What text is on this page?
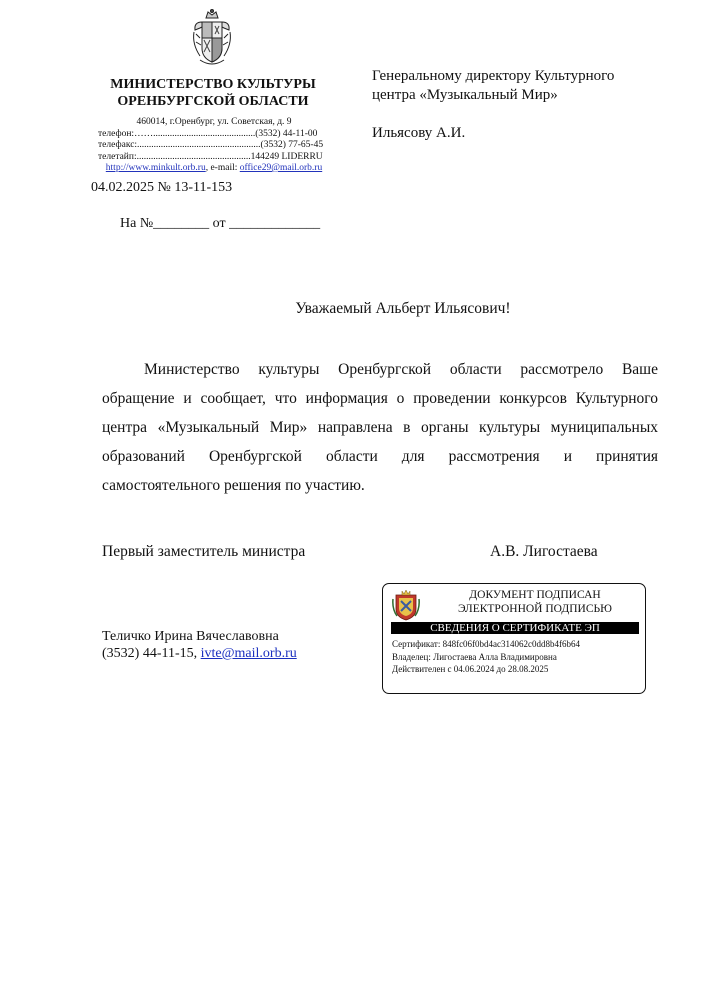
МИНИСТЕРСТВО КУЛЬТУРЫ
ОРЕНБУРГСКОЙ ОБЛАСТИ
460014, г.Оренбург, ул. Советская, д. 9
телефон:……...........................................(3532) 44-11-00
телефакс:....................................................(3532) 77-65-45
телетайп:................................................144249 LIDERRU
http://www.minkult.orb.ru, e-mail: office29@mail.orb.ru
Генеральному директору Культурного
центра «Музыкальный Мир»
Ильясову А.И.
04.02.2025 № 13-11-153
На №________ от _____________
Уважаемый Альберт Ильясович!

Министерство культуры Оренбургской области рассмотрело Ваше обращение и сообщает, что информация о проведении конкурсов Культурного центра «Музыкальный Мир» направлена в органы культуры муниципальных образований Оренбургской области для рассмотрения и принятия самостоятельного решения по участию.

Первый заместитель министра	А.В. Лигостаева
Теличко Ирина Вячеславовна
(3532) 44-11-15, ivte@mail.orb.ru
ДОКУМЕНТ ПОДПИСАН
ЭЛЕКТРОННОЙ ПОДПИСЬЮ
СВЕДЕНИЯ О СЕРТИФИКАТЕ ЭП
Сертификат: 848fc06f0bd4ac314062c0dd8b4f6b64
Владелец: Лигостаева Алла Владимировна
Действителен с 04.06.2024 до 28.08.2025
